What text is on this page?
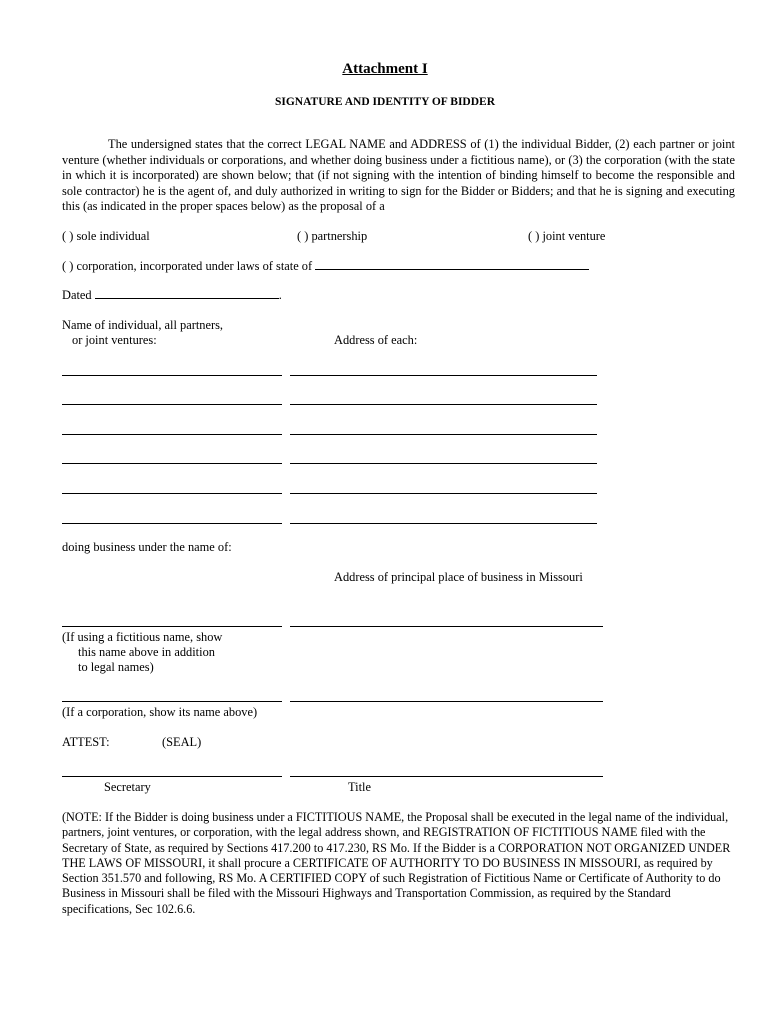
Attachment I
SIGNATURE AND IDENTITY OF BIDDER

The undersigned states that the correct LEGAL NAME and ADDRESS of (1) the individual Bidder, (2) each partner or joint venture (whether individuals or corporations, and whether doing business under a fictitious name), or (3) the corporation (with the state in which it is incorporated) are shown below; that (if not signing with the intention of binding himself to become the responsible and sole contractor) he is the agent of, and duly authorized in writing to sign for the Bidder or Bidders; and that he is signing and executing this (as indicated in the proper spaces below) as the proposal of a

( ) sole individual	( ) partnership	( ) joint venture
( ) corporation, incorporated under laws of state of
Dated	.
Name of individual, all partners,
or joint ventures:	Address of each:
doing business under the name of:
Address of principal place of business in Missouri
(If using a fictitious name, show
this name above in addition
to legal names)
(If a corporation, show its name above)
ATTEST:	(SEAL)
Secretary	Title

(NOTE: If the Bidder is doing business under a FICTITIOUS NAME, the Proposal shall be executed in the legal name of the individual, partners, joint ventures, or corporation, with the legal address shown, and REGISTRATION OF FICTITIOUS NAME filed with the Secretary of State, as required by Sections 417.200 to 417.230, RS Mo. If the Bidder is a CORPORATION NOT ORGANIZED UNDER THE LAWS OF MISSOURI, it shall procure a CERTIFICATE OF AUTHORITY TO DO BUSINESS IN MISSOURI, as required by Section 351.570 and following, RS Mo. A CERTIFIED COPY of such Registration of Fictitious Name or Certificate of Authority to do Business in Missouri shall be filed with the Missouri Highways and Transportation Commission, as required by the Standard specifications, Sec 102.6.6.
